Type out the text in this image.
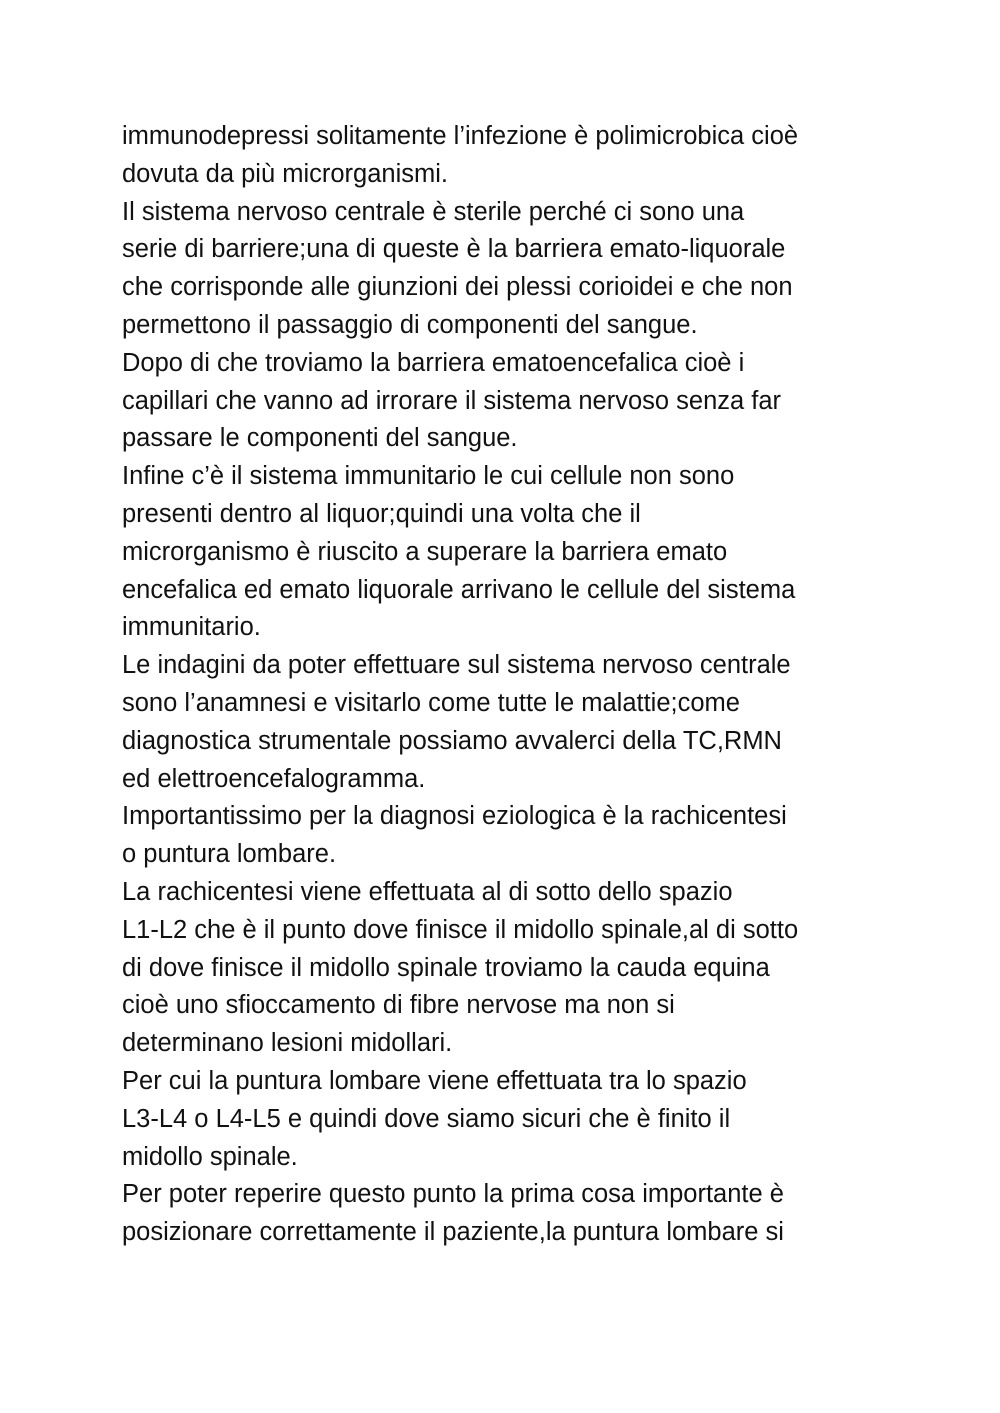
immunodepressi solitamente l’infezione è polimicrobica cioè
dovuta da più microrganismi.
Il sistema nervoso centrale è sterile perché ci sono una
serie di barriere;una di queste è la barriera emato-liquorale
che corrisponde alle giunzioni dei plessi corioidei e che non
permettono il passaggio di componenti del sangue.
Dopo di che troviamo la barriera ematoencefalica cioè i
capillari che vanno ad irrorare il sistema nervoso senza far
passare le componenti del sangue.
Infine c’è il sistema immunitario le cui cellule non sono
presenti dentro al liquor;quindi una volta che il
microrganismo è riuscito a superare la barriera emato
encefalica ed emato liquorale arrivano le cellule del sistema
immunitario.
Le indagini da poter effettuare sul sistema nervoso centrale
sono l’anamnesi e visitarlo come tutte le malattie;come
diagnostica strumentale possiamo avvalerci della TC,RMN
ed elettroencefalogramma.
Importantissimo per la diagnosi eziologica è la rachicentesi
o puntura lombare.
La rachicentesi viene effettuata al di sotto dello spazio
L1-L2 che è il punto dove finisce il midollo spinale,al di sotto
di dove finisce il midollo spinale troviamo la cauda equina
cioè uno sfioccamento di fibre nervose ma non si
determinano lesioni midollari.
Per cui la puntura lombare viene effettuata tra lo spazio
L3-L4 o L4-L5 e quindi dove siamo sicuri che è finito il
midollo spinale.
Per poter reperire questo punto la prima cosa importante è
posizionare correttamente il paziente,la puntura lombare si
